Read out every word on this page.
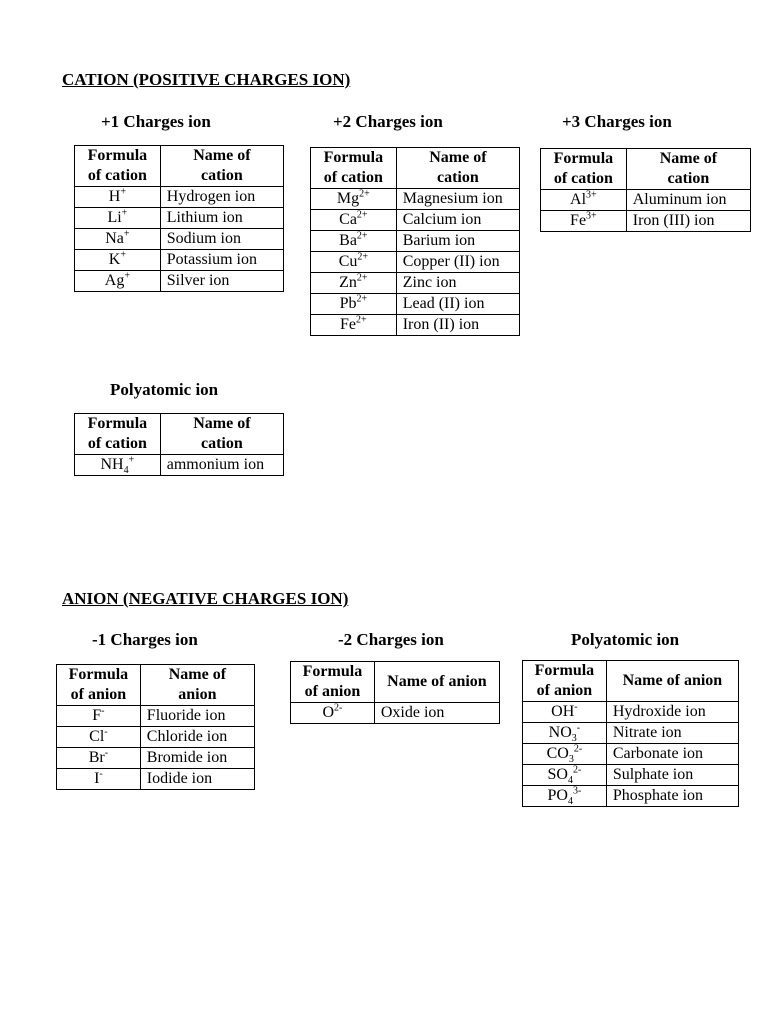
CATION (POSITIVE CHARGES ION)
+1 Charges ion	+2 Charges ion	+3 Charges ion
Formula
of cation	Name of
cation
H+	Hydrogen ion
Li+	Lithium ion
Na+	Sodium ion
K+	Potassium ion
Ag+	Silver ion
Formula
of cation	Name of
cation
$Mg^{2+}$	Magnesium ion
$Ca^{2+}$	Calcium ion
$Ba^{2+}$	Barium ion
$Cu^{2+}$	Copper (II) ion
$Zn^{2+}$	Zinc ion
$Pb^{2+}$	Lead (II) ion
$Fe^{2+}$	Iron (II) ion
Formula
of cation	Name of
cation
$Al^{3+}$	Aluminum ion
$Fe^{3+}$	Iron (III) ion
Polyatomic ion
Formula
of cation	Name of
cation
$NH_4^+$	ammonium ion
ANION (NEGATIVE CHARGES ION)
-1 Charges ion	-2 Charges ion	Polyatomic ion
Formula
of anion	Name of
anion
F-	Fluoride ion
Cl-	Chloride ion
Br-	Bromide ion
I-	Iodide ion
Formula
of anion	Name of anion
$O^{2-}$	Oxide ion
Formula
of anion	Name of anion
OH-	Hydroxide ion
$NO_3^-$	Nitrate ion
$CO_3^{2-}$	Carbonate ion
$SO_4^{2-}$	Sulphate ion
$PO_4^{3-}$	Phosphate ion
